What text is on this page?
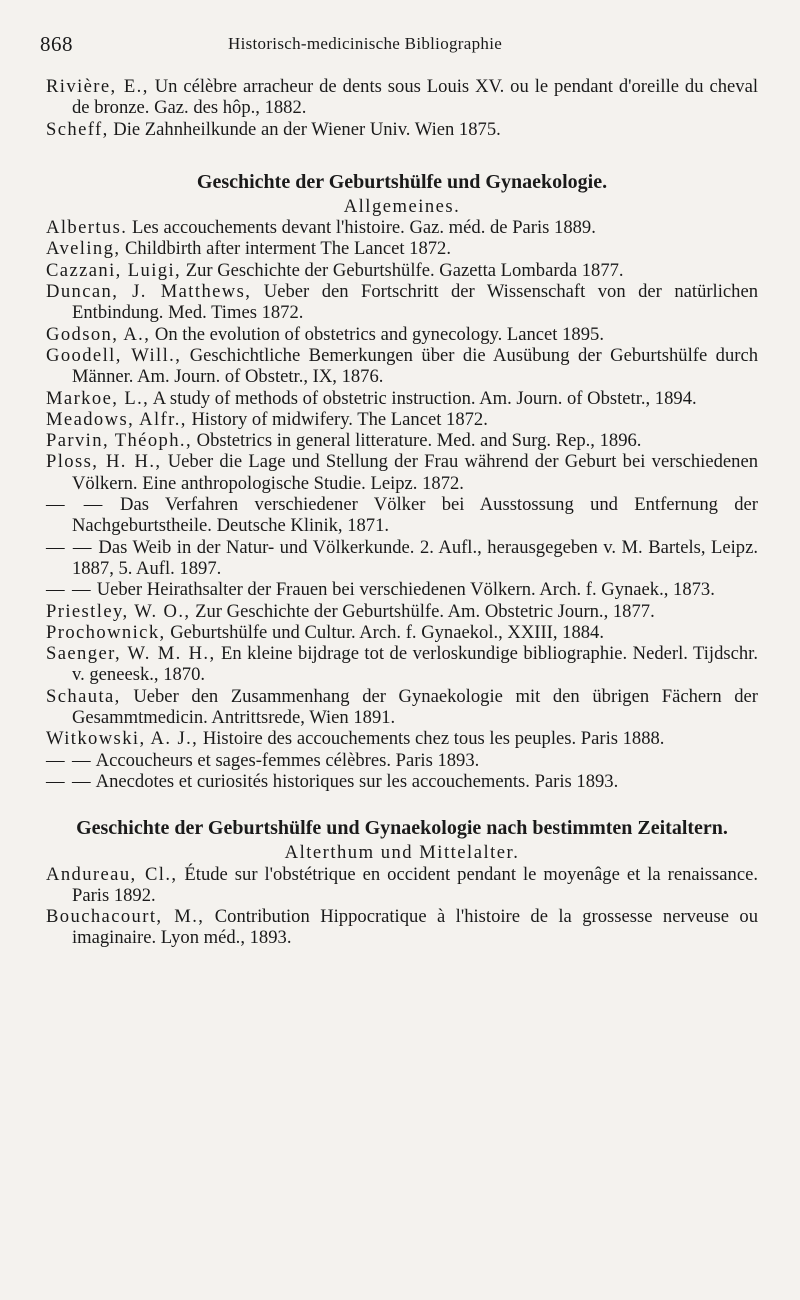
868	Historisch-medicinische Bibliographie
Rivière, E., Un célèbre arracheur de dents sous Louis XV. ou le pendant d'oreille du cheval de bronze. Gaz. des hôp., 1882.
Scheff, Die Zahnheilkunde an der Wiener Univ. Wien 1875.
Geschichte der Geburtshülfe und Gynaekologie.
Allgemeines.
Albertus. Les accouchements devant l'histoire. Gaz. méd. de Paris 1889.
Aveling, Childbirth after interment The Lancet 1872.
Cazzani, Luigi, Zur Geschichte der Geburtshülfe. Gazetta Lombarda 1877.
Duncan, J. Matthews, Ueber den Fortschritt der Wissenschaft von der natürlichen Entbindung. Med. Times 1872.
Godson, A., On the evolution of obstetrics and gynecology. Lancet 1895.
Goodell, Will., Geschichtliche Bemerkungen über die Ausübung der Geburtshülfe durch Männer. Am. Journ. of Obstetr., IX, 1876.
Markoe, L., A study of methods of obstetric instruction. Am. Journ. of Obstetr., 1894.
Meadows, Alfr., History of midwifery. The Lancet 1872.
Parvin, Théoph., Obstetrics in general litterature. Med. and Surg. Rep., 1896.
Ploss, H. H., Ueber die Lage und Stellung der Frau während der Geburt bei verschiedenen Völkern. Eine anthropologische Studie. Leipz. 1872.
— — Das Verfahren verschiedener Völker bei Ausstossung und Entfernung der Nachgeburtstheile. Deutsche Klinik, 1871.
— — Das Weib in der Natur- und Völkerkunde. 2. Aufl., herausgegeben v. M. Bartels, Leipz. 1887, 5. Aufl. 1897.
— — Ueber Heirathsalter der Frauen bei verschiedenen Völkern. Arch. f. Gynaek., 1873.
Priestley, W. O., Zur Geschichte der Geburtshülfe. Am. Obstetric Journ., 1877.
Prochownick, Geburtshülfe und Cultur. Arch. f. Gynaekol., XXIII, 1884.
Saenger, W. M. H., En kleine bijdrage tot de verloskundige bibliographie. Nederl. Tijdschr. v. geneesk., 1870.
Schauta, Ueber den Zusammenhang der Gynaekologie mit den übrigen Fächern der Gesammtmedicin. Antrittsrede, Wien 1891.
Witkowski, A. J., Histoire des accouchements chez tous les peuples. Paris 1888.
— — Accoucheurs et sages-femmes célèbres. Paris 1893.
— — Anecdotes et curiosités historiques sur les accouchements. Paris 1893.
Geschichte der Geburtshülfe und Gynaekologie nach bestimmten Zeitaltern.
Alterthum und Mittelalter.
Andureau, Cl., Étude sur l'obstétrique en occident pendant le moyenâge et la renaissance. Paris 1892.
Bouchacourt, M., Contribution Hippocratique à l'histoire de la grossesse nerveuse ou imaginaire. Lyon méd., 1893.
